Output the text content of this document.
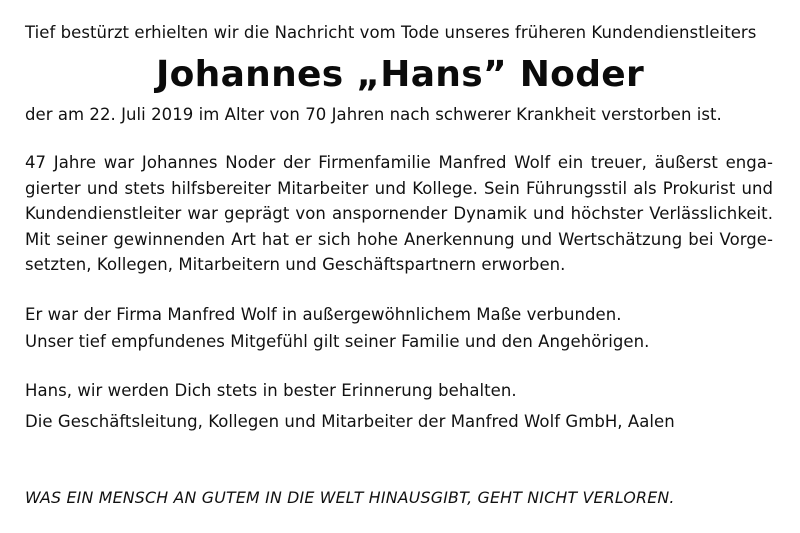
Tief bestürzt erhielten wir die Nachricht vom Tode unseres früheren Kundendienstleiters
Johannes „Hans” Noder
der am 22. Juli 2019 im Alter von 70 Jahren nach schwerer Krankheit verstorben ist.
47 Jahre war Johannes Noder der Firmenfamilie Manfred Wolf ein treuer, äußerst enga-
gierter und stets hilfsbereiter Mitarbeiter und Kollege. Sein Führungsstil als Prokurist und
Kundendienstleiter war geprägt von anspornender Dynamik und höchster Verlässlichkeit.
Mit seiner gewinnenden Art hat er sich hohe Anerkennung und Wertschätzung bei Vorge-
setzten, Kollegen, Mitarbeitern und Geschäftspartnern erworben.
Er war der Firma Manfred Wolf in außergewöhnlichem Maße verbunden.
Unser tief empfundenes Mitgefühl gilt seiner Familie und den Angehörigen.
Hans, wir werden Dich stets in bester Erinnerung behalten.
Die Geschäftsleitung, Kollegen und Mitarbeiter der Manfred Wolf GmbH, Aalen
WAS EIN MENSCH AN GUTEM IN DIE WELT HINAUSGIBT, GEHT NICHT VERLOREN.
